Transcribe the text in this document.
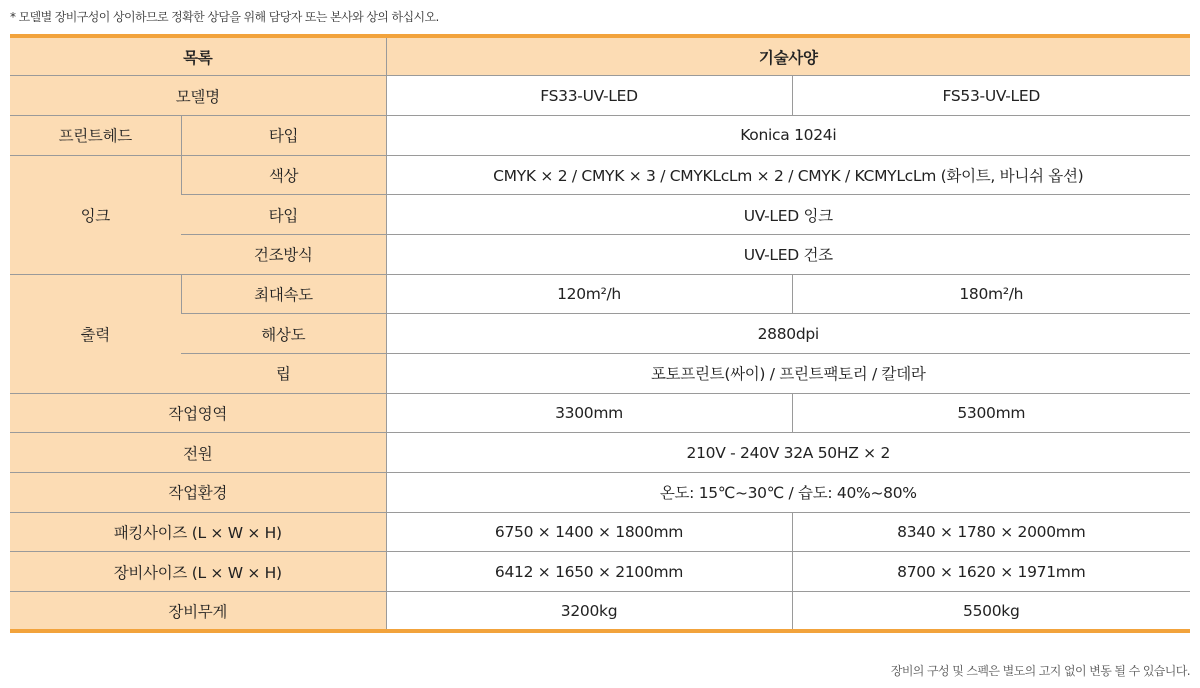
* 모델별 장비구성이 상이하므로 정확한 상담을 위해 담당자 또는 본사와 상의 하십시오.
목록		기술사양	
모델명		FS33-UV-LED	FS53-UV-LED
프린트헤드	타입	Konica 1024i	
잉크	색상	CMYK × 2 / CMYK × 3 / CMYKLcLm × 2 / CMYK / KCMYLcLm (화이트, 바니쉬 옵션)	
	타입	UV-LED 잉크	
	건조방식	UV-LED 건조	
출력	최대속도	120m²/h	180m²/h
	해상도	2880dpi	
	립	포토프린트(싸이) / 프린트팩토리 / 칼데라	
작업영역		3300mm	5300mm
전원		210V - 240V 32A 50HZ × 2	
작업환경		온도: 15℃~30℃ / 습도: 40%~80%	
패킹사이즈 (L × W × H)		6750 × 1400 × 1800mm	8340 × 1780 × 2000mm
장비사이즈 (L × W × H)		6412 × 1650 × 2100mm	8700 × 1620 × 1971mm
장비무게		3200kg	5500kg
장비의 구성 및 스펙은 별도의 고지 없이 변동 될 수 있습니다.
